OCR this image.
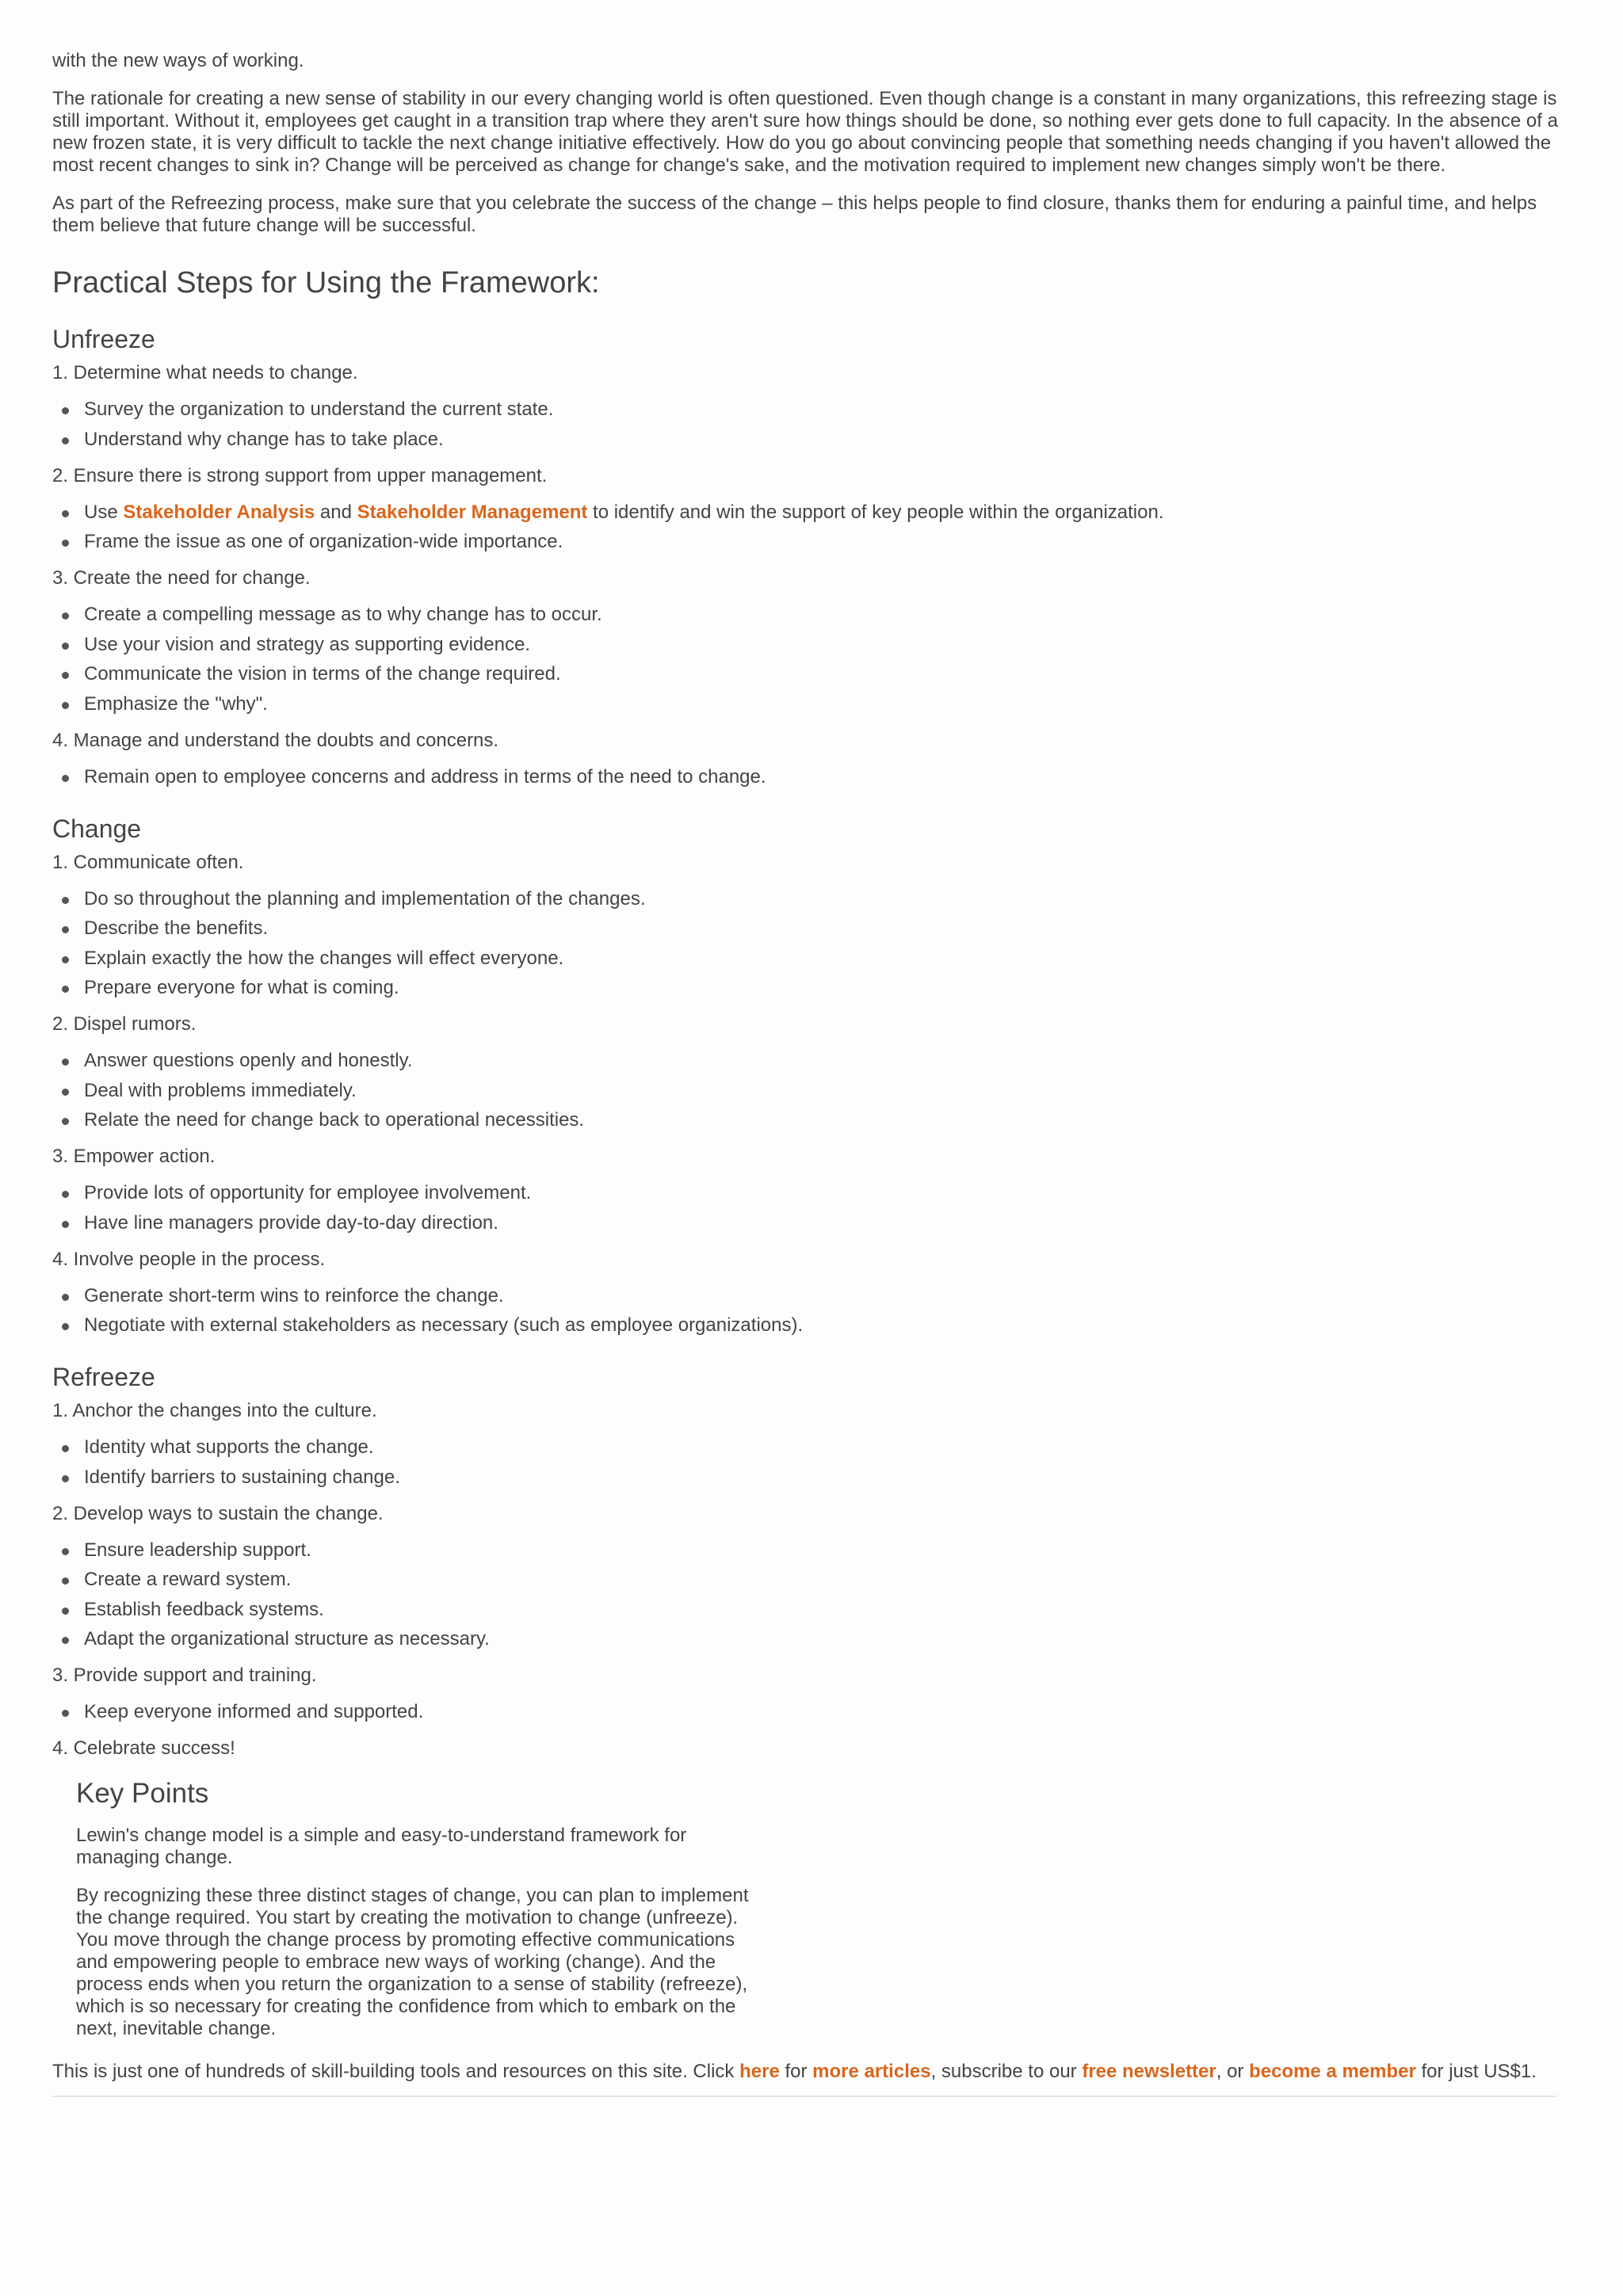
with the new ways of working.

The rationale for creating a new sense of stability in our every changing world is often questioned. Even though change is a constant in many organizations, this refreezing stage is still important. Without it, employees get caught in a transition trap where they aren't sure how things should be done, so nothing ever gets done to full capacity. In the absence of a new frozen state, it is very difficult to tackle the next change initiative effectively. How do you go about convincing people that something needs changing if you haven't allowed the most recent changes to sink in? Change will be perceived as change for change's sake, and the motivation required to implement new changes simply won't be there.

As part of the Refreezing process, make sure that you celebrate the success of the change – this helps people to find closure, thanks them for enduring a painful time, and helps them believe that future change will be successful.

Practical Steps for Using the Framework:
Unfreeze
1. Determine what needs to change.
Survey the organization to understand the current state.
Understand why change has to take place.
2. Ensure there is strong support from upper management.
Use Stakeholder Analysis and Stakeholder Management to identify and win the support of key people within the organization.
Frame the issue as one of organization-wide importance.
3. Create the need for change.
Create a compelling message as to why change has to occur.
Use your vision and strategy as supporting evidence.
Communicate the vision in terms of the change required.
Emphasize the "why".
4. Manage and understand the doubts and concerns.
Remain open to employee concerns and address in terms of the need to change.
Change
1. Communicate often.
Do so throughout the planning and implementation of the changes.
Describe the benefits.
Explain exactly the how the changes will effect everyone.
Prepare everyone for what is coming.
2. Dispel rumors.
Answer questions openly and honestly.
Deal with problems immediately.
Relate the need for change back to operational necessities.
3. Empower action.
Provide lots of opportunity for employee involvement.
Have line managers provide day-to-day direction.
4. Involve people in the process.
Generate short-term wins to reinforce the change.
Negotiate with external stakeholders as necessary (such as employee organizations).
Refreeze
1. Anchor the changes into the culture.
Identity what supports the change.
Identify barriers to sustaining change.
2. Develop ways to sustain the change.
Ensure leadership support.
Create a reward system.
Establish feedback systems.
Adapt the organizational structure as necessary.
3. Provide support and training.
Keep everyone informed and supported.
4. Celebrate success!
Key Points

Lewin's change model is a simple and easy-to-understand framework for managing change.

By recognizing these three distinct stages of change, you can plan to implement the change required. You start by creating the motivation to change (unfreeze). You move through the change process by promoting effective communications and empowering people to embrace new ways of working (change). And the process ends when you return the organization to a sense of stability (refreeze), which is so necessary for creating the confidence from which to embark on the next, inevitable change.

This is just one of hundreds of skill-building tools and resources on this site. Click here for more articles, subscribe to our free newsletter, or become a member for just US$1.
